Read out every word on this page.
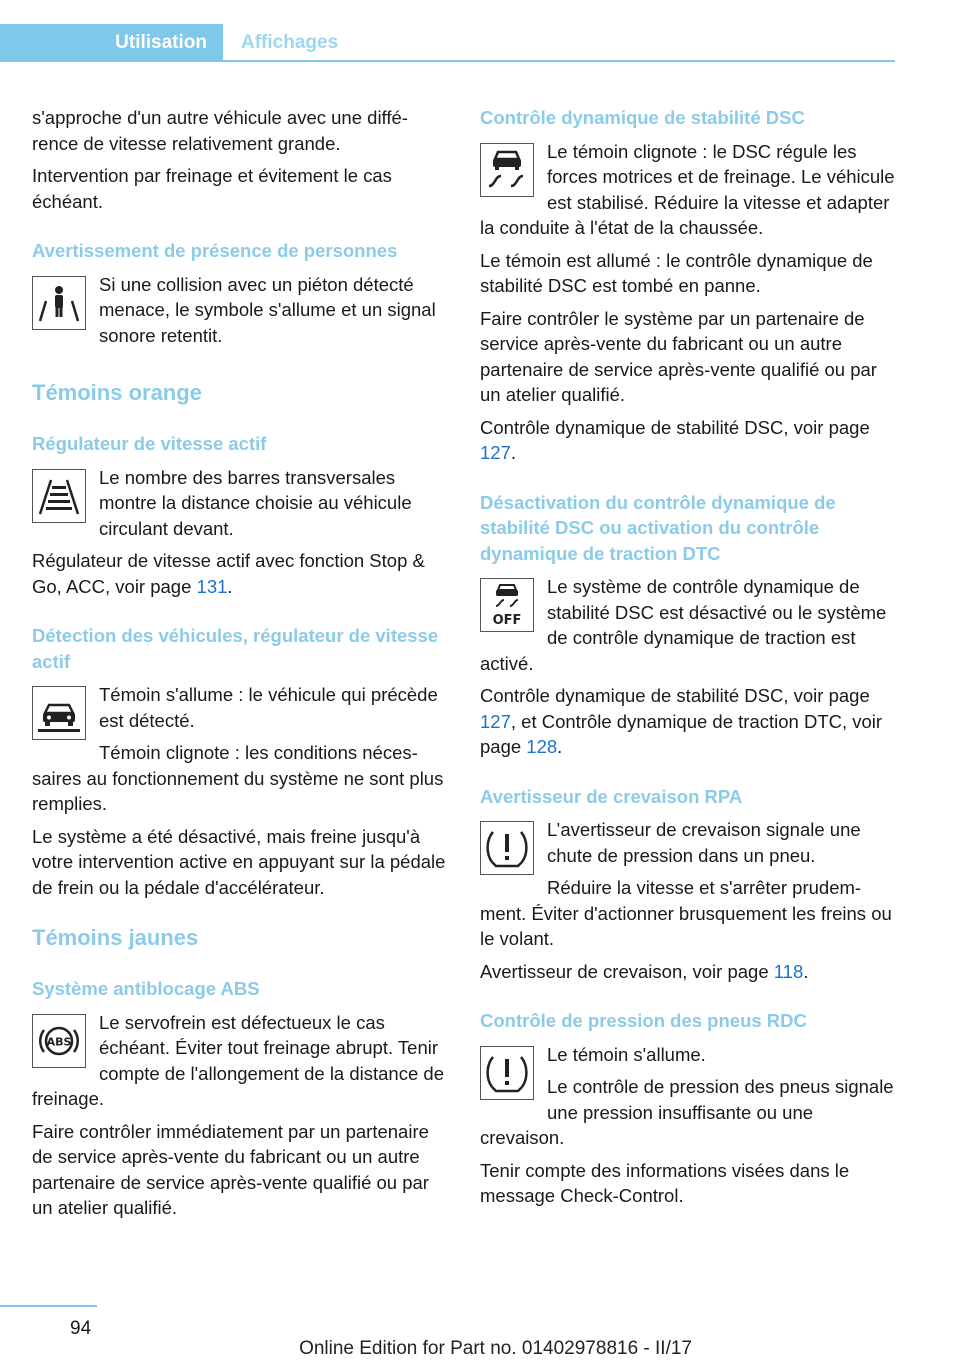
Utilisation	Affichages

s'approche d'un autre véhicule avec une différence de vitesse relativement grande.

Intervention par freinage et évitement le cas échéant.

Avertissement de présence de personnes

Si une collision avec un piéton détecté menace, le symbole s'allume et un signal sonore retentit.

Témoins orange
Régulateur de vitesse actif

Le nombre des barres transversales montre la distance choisie au véhicule circulant devant.

Régulateur de vitesse actif avec fonction Stop & Go, ACC, voir page 131.

Détection des véhicules, régulateur de vitesse actif

Témoin s'allume : le véhicule qui précède est détecté.

Témoin clignote : les conditions nécessaires au fonctionnement du système ne sont plus remplies.

Le système a été désactivé, mais freine jusqu'à votre intervention active en appuyant sur la pédale de frein ou la pédale d'accélérateur.

Témoins jaunes
Système antiblocage ABS
ABS

Le servofrein est défectueux le cas échéant. Éviter tout freinage abrupt. Tenir compte de l'allongement de la distance de freinage.

Faire contrôler immédiatement par un partenaire de service après-vente du fabricant ou un autre partenaire de service après-vente qualifié ou par un atelier qualifié.

Contrôle dynamique de stabilité DSC

Le témoin clignote : le DSC régule les forces motrices et de freinage. Le véhicule est stabilisé. Réduire la vitesse et adapter la conduite à l'état de la chaussée.

Le témoin est allumé : le contrôle dynamique de stabilité DSC est tombé en panne.

Faire contrôler le système par un partenaire de service après-vente du fabricant ou un autre partenaire de service après-vente qualifié ou par un atelier qualifié.

Contrôle dynamique de stabilité DSC, voir page 127.

Désactivation du contrôle dynamique de stabilité DSC ou activation du contrôle dynamique de traction DTC
OFF

Le système de contrôle dynamique de stabilité DSC est désactivé ou le système de contrôle dynamique de traction est activé.

Contrôle dynamique de stabilité DSC, voir page 127, et Contrôle dynamique de traction DTC, voir page 128.

Avertisseur de crevaison RPA

L’avertisseur de crevaison signale une chute de pression dans un pneu.

Réduire la vitesse et s'arrêter prudemment. Éviter d'actionner brusquement les freins ou le volant.

Avertisseur de crevaison, voir page 118.

Contrôle de pression des pneus RDC

Le témoin s'allume.

Le contrôle de pression des pneus signale une pression insuffisante ou une crevaison.

Tenir compte des informations visées dans le message Check-Control.

94
Online Edition for Part no. 01402978816 - II/17
